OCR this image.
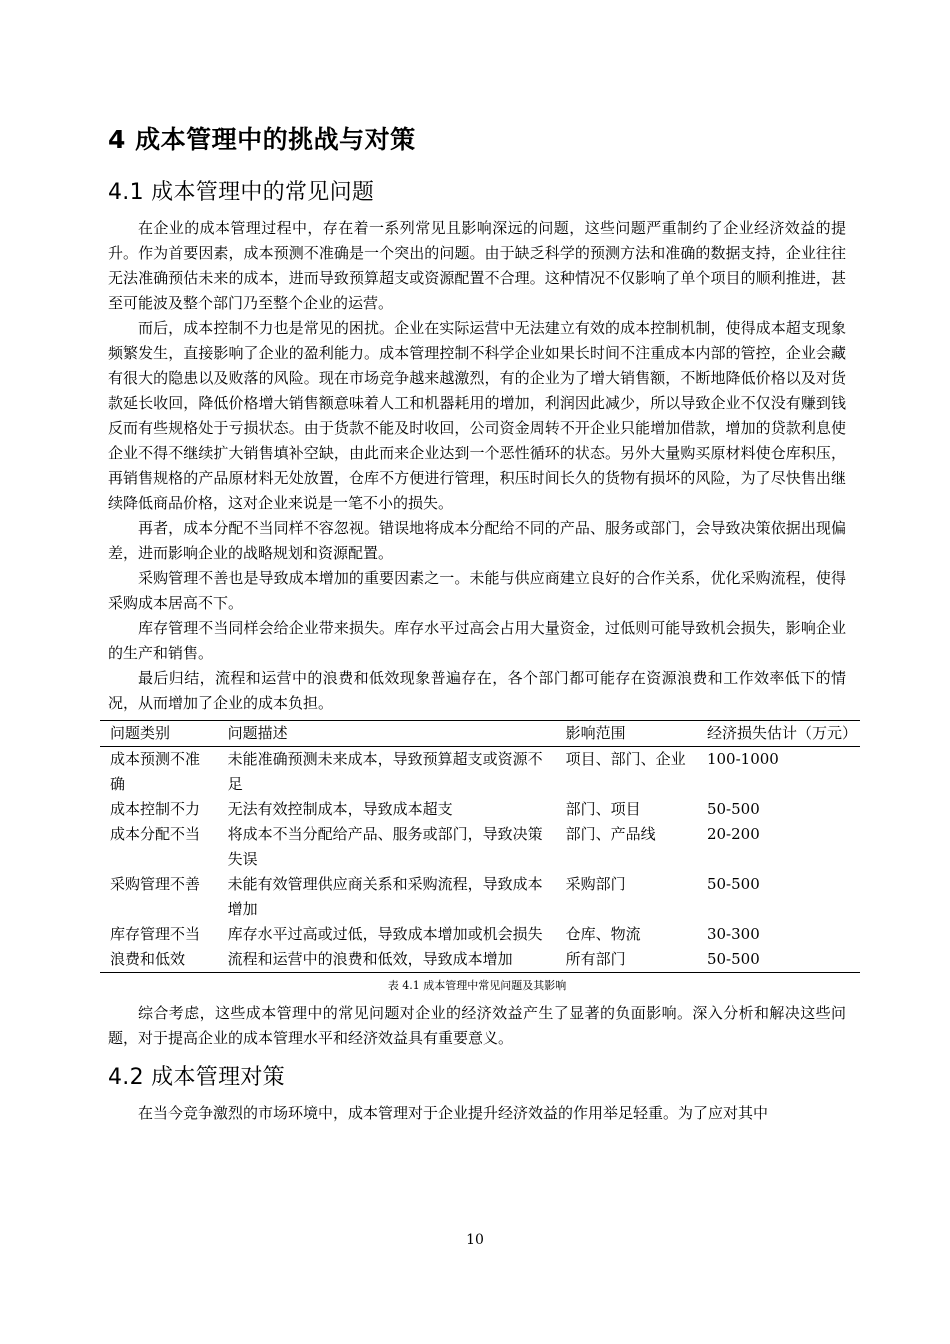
4 成本管理中的挑战与对策
4.1 成本管理中的常见问题

在企业的成本管理过程中，存在着一系列常见且影响深远的问题，这些问题严重制约了企业经济效益的提升。作为首要因素，成本预测不准确是一个突出的问题。由于缺乏科学的预测方法和准确的数据支持，企业往往无法准确预估未来的成本，进而导致预算超支或资源配置不合理。这种情况不仅影响了单个项目的顺利推进，甚至可能波及整个部门乃至整个企业的运营。

而后，成本控制不力也是常见的困扰。企业在实际运营中无法建立有效的成本控制机制，使得成本超支现象频繁发生，直接影响了企业的盈利能力。成本管理控制不科学企业如果长时间不注重成本内部的管控，企业会藏有很大的隐患以及败落的风险。现在市场竞争越来越激烈，有的企业为了增大销售额，不断地降低价格以及对货款延长收回，降低价格增大销售额意味着人工和机器耗用的增加，利润因此减少，所以导致企业不仅没有赚到钱反而有些规格处于亏损状态。由于货款不能及时收回，公司资金周转不开企业只能增加借款，增加的贷款利息使企业不得不继续扩大销售填补空缺，由此而来企业达到一个恶性循环的状态。另外大量购买原材料使仓库积压，再销售规格的产品原材料无处放置，仓库不方便进行管理，积压时间长久的货物有损坏的风险，为了尽快售出继续降低商品价格，这对企业来说是一笔不小的损失。

再者，成本分配不当同样不容忽视。错误地将成本分配给不同的产品、服务或部门，会导致决策依据出现偏差，进而影响企业的战略规划和资源配置。

采购管理不善也是导致成本增加的重要因素之一。未能与供应商建立良好的合作关系，优化采购流程，使得采购成本居高不下。

库存管理不当同样会给企业带来损失。库存水平过高会占用大量资金，过低则可能导致机会损失，影响企业的生产和销售。

最后归结，流程和运营中的浪费和低效现象普遍存在，各个部门都可能存在资源浪费和工作效率低下的情况，从而增加了企业的成本负担。

问题类别	问题描述	影响范围	经济损失估计（万元）
成本预测不准确	未能准确预测未来成本，导致预算超支或资源不足	项目、部门、企业	100-1000
成本控制不力	无法有效控制成本，导致成本超支	部门、项目	50-500
成本分配不当	将成本不当分配给产品、服务或部门，导致决策失误	部门、产品线	20-200
采购管理不善	未能有效管理供应商关系和采购流程，导致成本增加	采购部门	50-500
库存管理不当	库存水平过高或过低，导致成本增加或机会损失	仓库、物流	30-300
浪费和低效	流程和运营中的浪费和低效，导致成本增加	所有部门	50-500
表 4.1 成本管理中常见问题及其影响

综合考虑，这些成本管理中的常见问题对企业的经济效益产生了显著的负面影响。深入分析和解决这些问题，对于提高企业的成本管理水平和经济效益具有重要意义。

4.2 成本管理对策

在当今竞争激烈的市场环境中，成本管理对于企业提升经济效益的作用举足轻重。为了应对其中

10
